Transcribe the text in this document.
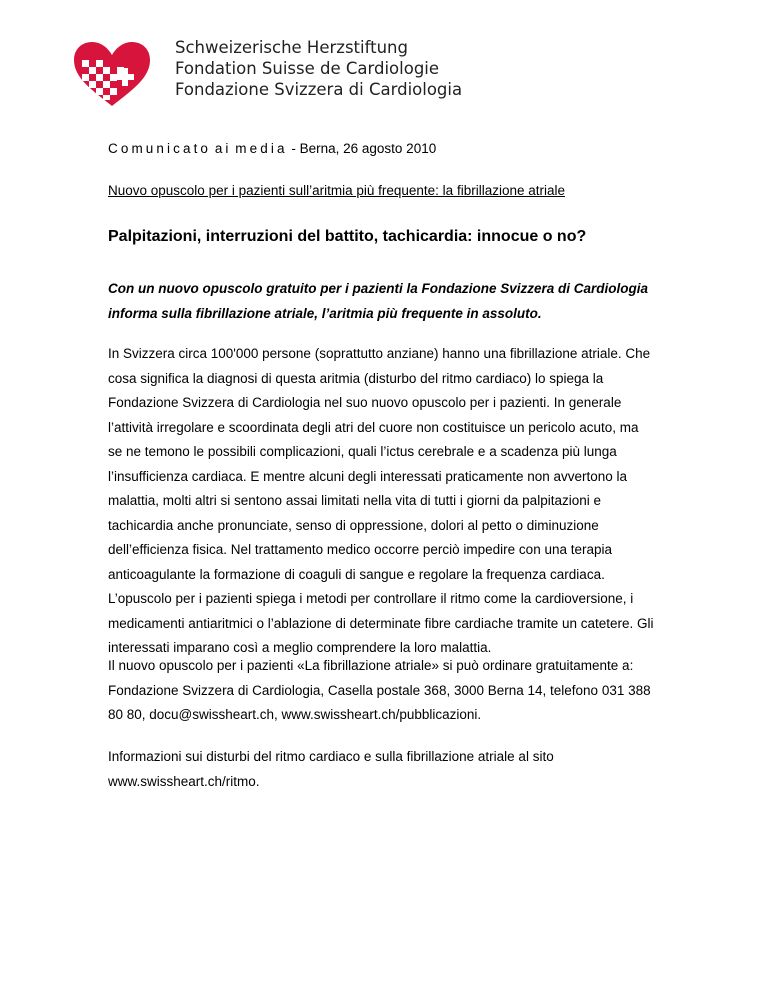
Schweizerische Herzstiftung
Fondation Suisse de Cardiologie
Fondazione Svizzera di Cardiologia
Comunicato ai media - Berna, 26 agosto 2010
Nuovo opuscolo per i pazienti sull’aritmia più frequente: la fibrillazione atriale
Palpitazioni, interruzioni del battito, tachicardia: innocue o no?
Con un nuovo opuscolo gratuito per i pazienti la Fondazione Svizzera di Cardiologia
informa sulla fibrillazione atriale, l’aritmia più frequente in assoluto.
In Svizzera circa 100'000 persone (soprattutto anziane) hanno una fibrillazione atriale. Che
cosa significa la diagnosi di questa aritmia (disturbo del ritmo cardiaco) lo spiega la
Fondazione Svizzera di Cardiologia nel suo nuovo opuscolo per i pazienti. In generale
l’attività irregolare e scoordinata degli atri del cuore non costituisce un pericolo acuto, ma
se ne temono le possibili complicazioni, quali l’ictus cerebrale e a scadenza più lunga
l’insufficienza cardiaca. E mentre alcuni degli interessati praticamente non avvertono la
malattia, molti altri si sentono assai limitati nella vita di tutti i giorni da palpitazioni e
tachicardia anche pronunciate, senso di oppressione, dolori al petto o diminuzione
dell’efficienza fisica. Nel trattamento medico occorre perciò impedire con una terapia
anticoagulante la formazione di coaguli di sangue e regolare la frequenza cardiaca.
L’opuscolo per i pazienti spiega i metodi per controllare il ritmo come la cardioversione, i
medicamenti antiaritmici o l’ablazione di determinate fibre cardiache tramite un catetere. Gli
interessati imparano così a meglio comprendere la loro malattia.
Il nuovo opuscolo per i pazienti «La fibrillazione atriale» si può ordinare gratuitamente a:
Fondazione Svizzera di Cardiologia, Casella postale 368, 3000 Berna 14, telefono 031 388
80 80, docu@swissheart.ch, www.swissheart.ch/pubblicazioni.
Informazioni sui disturbi del ritmo cardiaco e sulla fibrillazione atriale al sito
www.swissheart.ch/ritmo.
